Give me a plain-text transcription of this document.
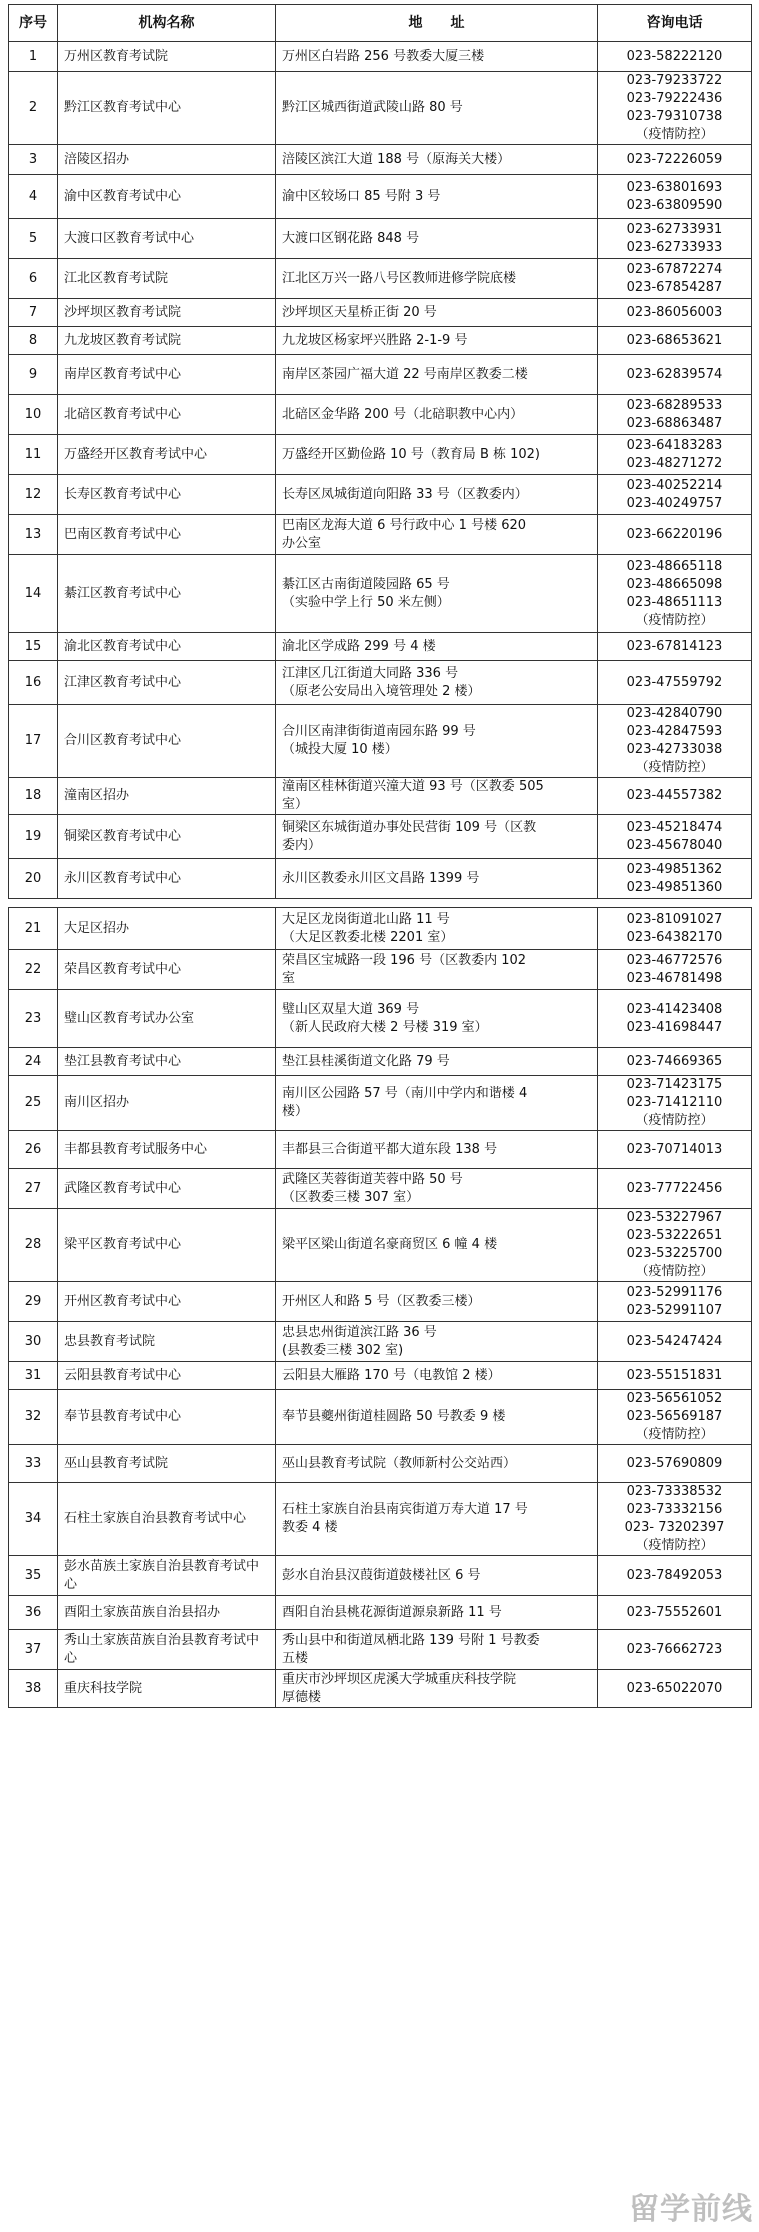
序号	机构名称	地　　址	咨询电话
1	万州区教育考试院	万州区白岩路 256 号教委大厦三楼	023-58222120

2	黔江区教育考试中心	黔江区城西街道武陵山路 80 号	023-79233722
023-79222436
023-79310738
（疫情防控）

3	涪陵区招办	涪陵区滨江大道 188 号（原海关大楼）	023-72226059

4	渝中区教育考试中心	渝中区较场口 85 号附 3 号	023-63801693
023-63809590

5	大渡口区教育考试中心	大渡口区钢花路 848 号	023-62733931
023-62733933

6	江北区教育考试院	江北区万兴一路八号区教师进修学院底楼	023-67872274
023-67854287

7	沙坪坝区教育考试院	沙坪坝区天星桥正街 20 号	023-86056003

8	九龙坡区教育考试院	九龙坡区杨家坪兴胜路 2-1-9 号	023-68653621

9	南岸区教育考试中心	南岸区茶园广福大道 22 号南岸区教委二楼	023-62839574

10	北碚区教育考试中心	北碚区金华路 200 号（北碚职教中心内）	023-68289533
023-68863487

11	万盛经开区教育考试中心	万盛经开区勤俭路 10 号（教育局 B 栋 102)	023-64183283
023-48271272

12	长寿区教育考试中心	长寿区凤城街道向阳路 33 号（区教委内）	023-40252214
023-40249757

13	巴南区教育考试中心	巴南区龙海大道 6 号行政中心 1 号楼 620
办公室	023-66220196

14	綦江区教育考试中心	綦江区古南街道陵园路 65 号
（实验中学上行 50 米左侧）	023-48665118
023-48665098
023-48651113
（疫情防控）

15	渝北区教育考试中心	渝北区学成路 299 号 4 楼	023-67814123

16	江津区教育考试中心	江津区几江街道大同路 336 号
（原老公安局出入境管理处 2 楼）	023-47559792

17	合川区教育考试中心	合川区南津街街道南园东路 99 号
（城投大厦 10 楼）	023-42840790
023-42847593
023-42733038
（疫情防控）

18	潼南区招办	潼南区桂林街道兴潼大道 93 号（区教委 505
室）	023-44557382

19	铜梁区教育考试中心	铜梁区东城街道办事处民营街 109 号（区教
委内）	023-45218474
023-45678040

20	永川区教育考试中心	永川区教委永川区文昌路 1399 号	023-49851362
023-49851360

21	大足区招办	大足区龙岗街道北山路 11 号
（大足区教委北楼 2201 室）	023-81091027
023-64382170

22	荣昌区教育考试中心	荣昌区宝城路一段 196 号（区教委内 102
室	023-46772576
023-46781498

23	璧山区教育考试办公室	璧山区双星大道 369 号
（新人民政府大楼 2 号楼 319 室）	023-41423408
023-41698447

24	垫江县教育考试中心	垫江县桂溪街道文化路 79 号	023-74669365

25	南川区招办	南川区公园路 57 号（南川中学内和谐楼 4
楼）	023-71423175
023-71412110
（疫情防控）

26	丰都县教育考试服务中心	丰都县三合街道平都大道东段 138 号	023-70714013

27	武隆区教育考试中心	武隆区芙蓉街道芙蓉中路 50 号
（区教委三楼 307 室）	023-77722456

28	梁平区教育考试中心	梁平区梁山街道名豪商贸区 6 幢 4 楼	023-53227967
023-53222651
023-53225700
（疫情防控）

29	开州区教育考试中心	开州区人和路 5 号（区教委三楼）	023-52991176
023-52991107

30	忠县教育考试院	忠县忠州街道滨江路 36 号
(县教委三楼 302 室)	023-54247424

31	云阳县教育考试中心	云阳县大雁路 170 号（电教馆 2 楼）	023-55151831

32	奉节县教育考试中心	奉节县夔州街道桂圆路 50 号教委 9 楼	023-56561052
023-56569187
（疫情防控）

33	巫山县教育考试院	巫山县教育考试院（教师新村公交站西）	023-57690809

34	石柱土家族自治县教育考试中心	石柱土家族自治县南宾街道万寿大道 17 号
教委 4 楼	023-73338532
023-73332156
023- 73202397
（疫情防控）

35	彭水苗族土家族自治县教育考试中心	彭水自治县汉葭街道鼓楼社区 6 号	023-78492053

36	酉阳土家族苗族自治县招办	酉阳自治县桃花源街道源泉新路 11 号	023-75552601

37	秀山土家族苗族自治县教育考试中心	秀山县中和街道凤栖北路 139 号附 1 号教委
五楼	023-76662723

38	重庆科技学院	重庆市沙坪坝区虎溪大学城重庆科技学院
厚德楼	023-65022070
留学前线
